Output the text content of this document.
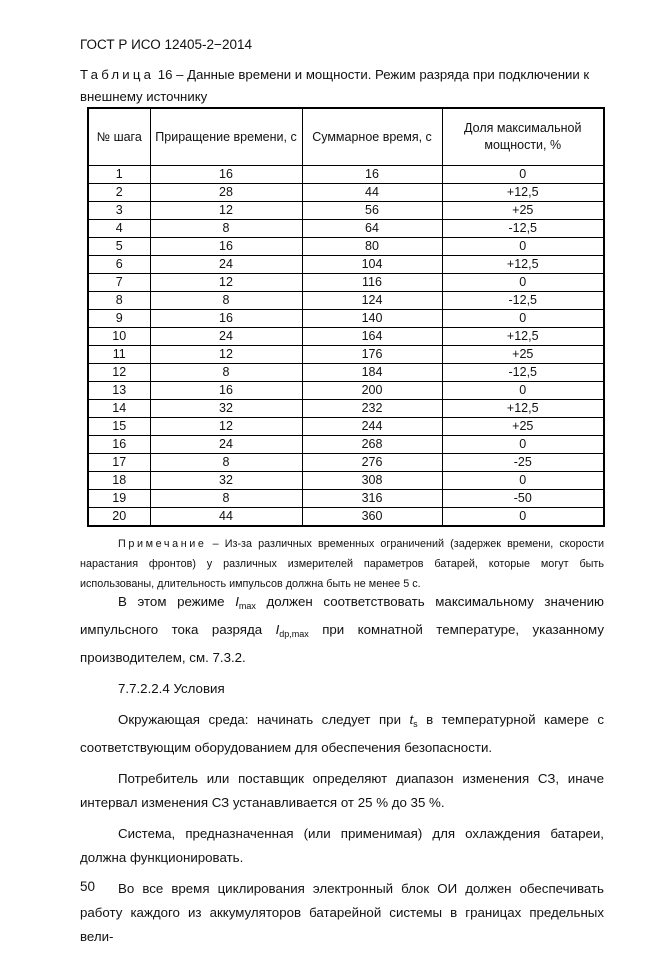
ГОСТ Р ИСО 12405-2−2014
Таблица 16 – Данные времени и мощности. Режим разряда при подключении к внешнему источнику
№ шага	Приращение времени, с	Суммарное время, с	Доля максимальной мощности, %
1	16	16	0
2	28	44	+12,5
3	12	56	+25
4	8	64	-12,5
5	16	80	0
6	24	104	+12,5
7	12	116	0
8	8	124	-12,5
9	16	140	0
10	24	164	+12,5
11	12	176	+25
12	8	184	-12,5
13	16	200	0
14	32	232	+12,5
15	12	244	+25
16	24	268	0
17	8	276	-25
18	32	308	0
19	8	316	-50
20	44	360	0
Примечание – Из-за различных временных ограничений (задержек времени, скорости нарастания фронтов) у различных измерителей параметров батарей, которые могут быть использованы, длительность импульсов должна быть не менее 5 с.

В этом режиме $I_{max}$ должен соответствовать максимальному значению импульсного тока разряда $I_{dp,max}$ при комнатной температуре, указанному производителем, см. 7.3.2.

7.7.2.2.4 Условия

Окружающая среда: начинать следует при $t_s$ в температурной камере с соответствующим оборудованием для обеспечения безопасности.

Потребитель или поставщик определяют диапазон изменения СЗ, иначе интервал изменения СЗ устанавливается от 25 % до 35 %.

Система, предназначенная (или применимая) для охлаждения батареи, должна функционировать.

Во все время циклирования электронный блок ОИ должен обеспечивать работу каждого из аккумуляторов батарейной системы в границах предельных вели-

50
